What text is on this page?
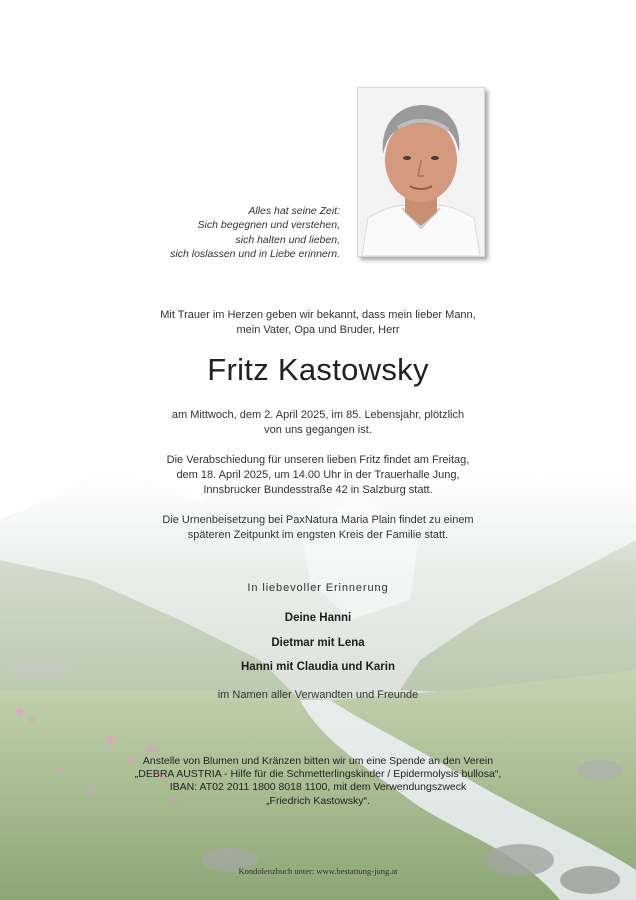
Alles hat seine Zeit:
Sich begegnen und verstehen,
sich halten und lieben,
sich loslassen und in Liebe erinnern.
Mit Trauer im Herzen geben wir bekannt, dass mein lieber Mann,
mein Vater, Opa und Bruder, Herr
Fritz Kastowsky
am Mittwoch, dem 2. April 2025, im 85. Lebensjahr, plötzlich
von uns gegangen ist.
Die Verabschiedung für unseren lieben Fritz findet am Freitag,
dem 18. April 2025, um 14.00 Uhr in der Trauerhalle Jung,
Innsbrucker Bundesstraße 42 in Salzburg statt.
Die Urnenbeisetzung bei PaxNatura Maria Plain findet zu einem
späteren Zeitpunkt im engsten Kreis der Familie statt.
In liebevoller Erinnerung
Deine Hanni
Dietmar mit Lena
Hanni mit Claudia und Karin
im Namen aller Verwandten und Freunde
Anstelle von Blumen und Kränzen bitten wir um eine Spende an den Verein
„DEBRA AUSTRIA - Hilfe für die Schmetterlingskinder / Epidermolysis bullosa“,
IBAN: AT02 2011 1800 8018 1100, mit dem Verwendungszweck
„Friedrich Kastowsky“.
Kondolenzbuch unter: www.bestattung-jung.at
